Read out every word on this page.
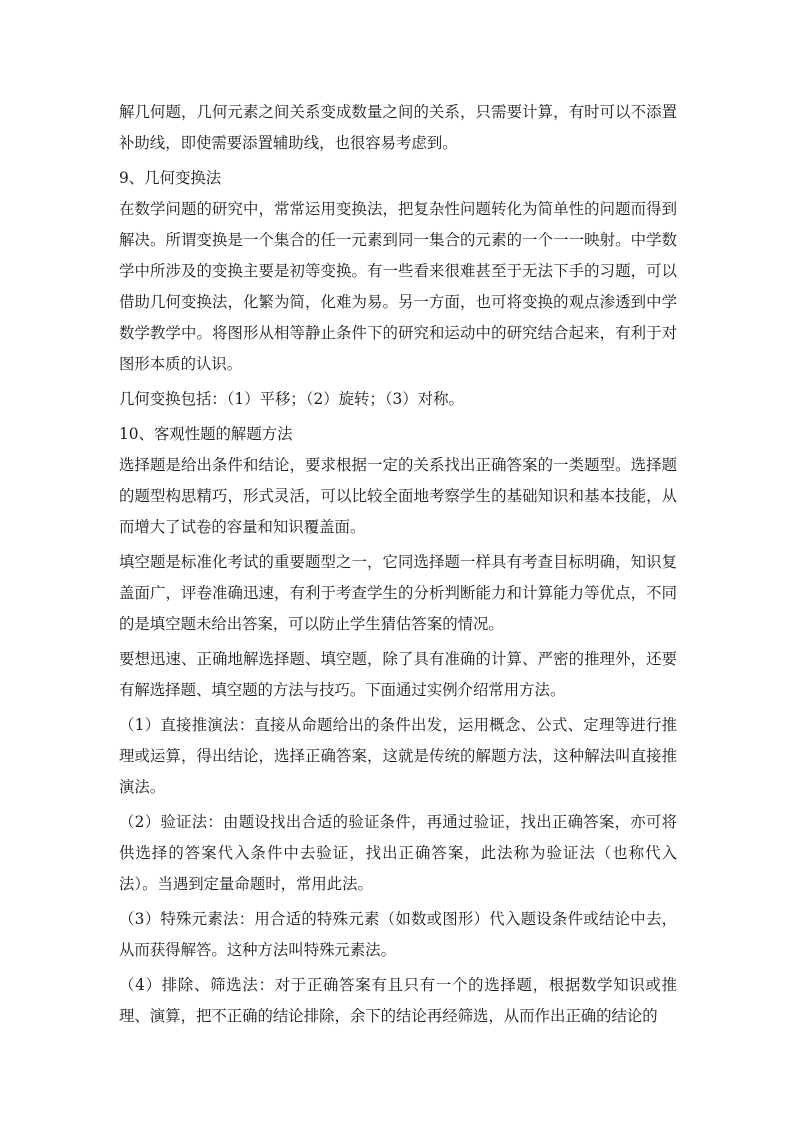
解几何题，几何元素之间关系变成数量之间的关系，只需要计算，有时可以不添置补助线，即使需要添置辅助线，也很容易考虑到。

9、几何变换法

在数学问题的研究中，常常运用变换法，把复杂性问题转化为简单性的问题而得到解决。所谓变换是一个集合的任一元素到同一集合的元素的一个一一映射。中学数学中所涉及的变换主要是初等变换。有一些看来很难甚至于无法下手的习题，可以借助几何变换法，化繁为简，化难为易。另一方面，也可将变换的观点渗透到中学数学教学中。将图形从相等静止条件下的研究和运动中的研究结合起来，有利于对图形本质的认识。

几何变换包括：（1）平移；（2）旋转；（3）对称。

10、客观性题的解题方法

选择题是给出条件和结论，要求根据一定的关系找出正确答案的一类题型。选择题的题型构思精巧，形式灵活，可以比较全面地考察学生的基础知识和基本技能，从而增大了试卷的容量和知识覆盖面。

填空题是标准化考试的重要题型之一，它同选择题一样具有考查目标明确，知识复盖面广，评卷准确迅速，有利于考查学生的分析判断能力和计算能力等优点，不同的是填空题未给出答案，可以防止学生猜估答案的情况。

要想迅速、正确地解选择题、填空题，除了具有准确的计算、严密的推理外，还要有解选择题、填空题的方法与技巧。下面通过实例介绍常用方法。

（1）直接推演法：直接从命题给出的条件出发，运用概念、公式、定理等进行推理或运算，得出结论，选择正确答案，这就是传统的解题方法，这种解法叫直接推演法。

（2）验证法：由题设找出合适的验证条件，再通过验证，找出正确答案，亦可将供选择的答案代入条件中去验证，找出正确答案，此法称为验证法（也称代入法）。当遇到定量命题时，常用此法。

（3）特殊元素法：用合适的特殊元素（如数或图形）代入题设条件或结论中去，从而获得解答。这种方法叫特殊元素法。

（4）排除、筛选法：对于正确答案有且只有一个的选择题，根据数学知识或推理、演算，把不正确的结论排除，余下的结论再经筛选，从而作出正确的结论的
